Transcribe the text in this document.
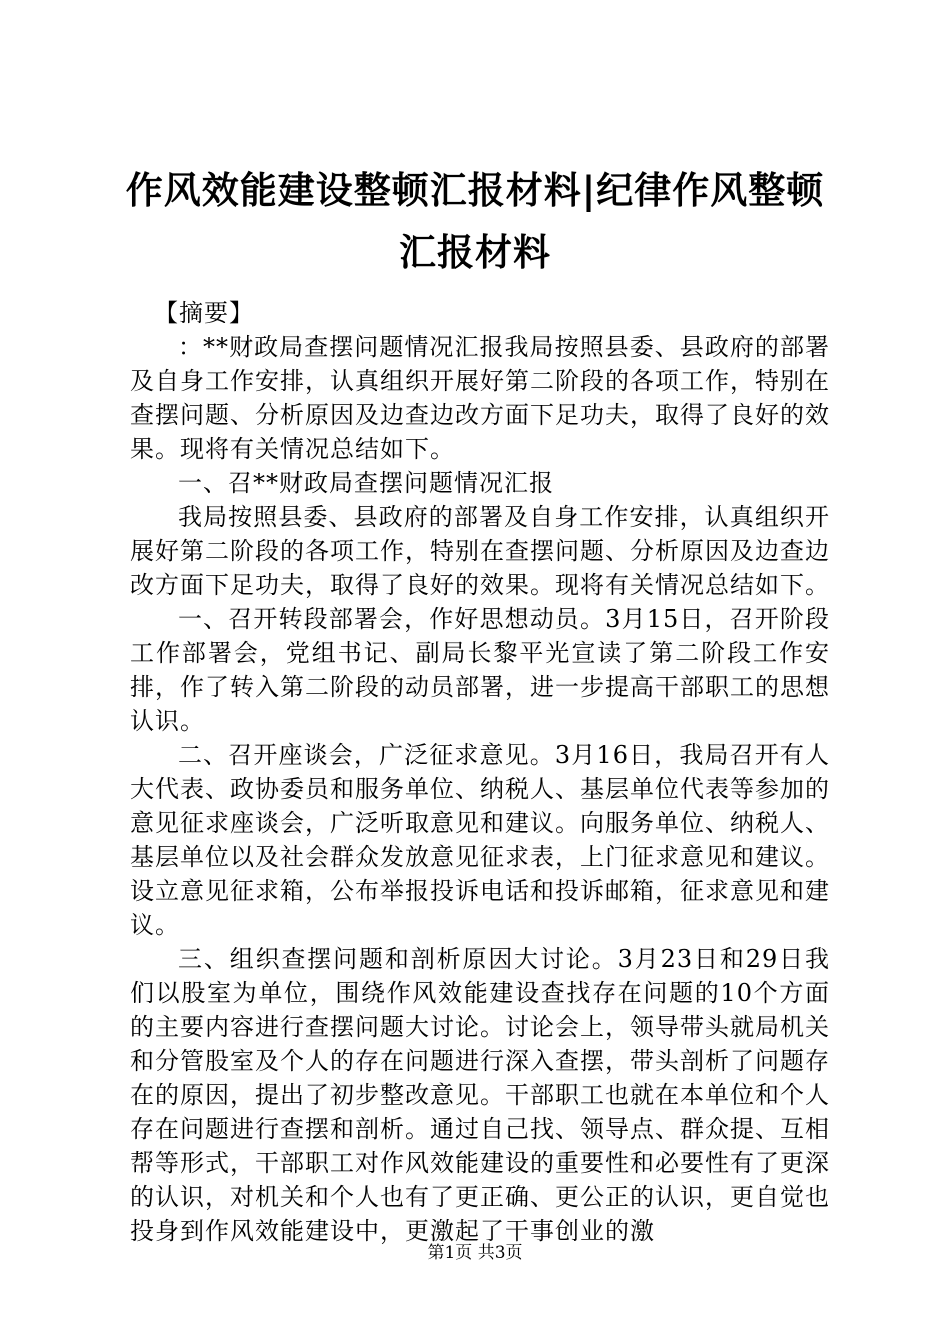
作风效能建设整顿汇报材料|纪律作风整顿汇报材料

【摘要】

：**财政局查摆问题情况汇报我局按照县委、县政府的部署及自身工作安排，认真组织开展好第二阶段的各项工作，特别在查摆问题、分析原因及边查边改方面下足功夫，取得了良好的效果。现将有关情况总结如下。

一、召**财政局查摆问题情况汇报

我局按照县委、县政府的部署及自身工作安排，认真组织开展好第二阶段的各项工作，特别在查摆问题、分析原因及边查边改方面下足功夫，取得了良好的效果。现将有关情况总结如下。

一、召开转段部署会，作好思想动员。3月15日，召开阶段工作部署会，党组书记、副局长黎平光宣读了第二阶段工作安排，作了转入第二阶段的动员部署，进一步提高干部职工的思想认识。

二、召开座谈会，广泛征求意见。3月16日，我局召开有人大代表、政协委员和服务单位、纳税人、基层单位代表等参加的意见征求座谈会，广泛听取意见和建议。向服务单位、纳税人、基层单位以及社会群众发放意见征求表，上门征求意见和建议。设立意见征求箱，公布举报投诉电话和投诉邮箱，征求意见和建议。

三、组织查摆问题和剖析原因大讨论。3月23日和29日我们以股室为单位，围绕作风效能建设查找存在问题的10个方面的主要内容进行查摆问题大讨论。讨论会上，领导带头就局机关和分管股室及个人的存在问题进行深入查摆，带头剖析了问题存在的原因，提出了初步整改意见。干部职工也就在本单位和个人存在问题进行查摆和剖析。通过自己找、领导点、群众提、互相帮等形式，干部职工对作风效能建设的重要性和必要性有了更深的认识，对机关和个人也有了更正确、更公正的认识，更自觉也投身到作风效能建设中，更激起了干事创业的激

第1页 共3页
